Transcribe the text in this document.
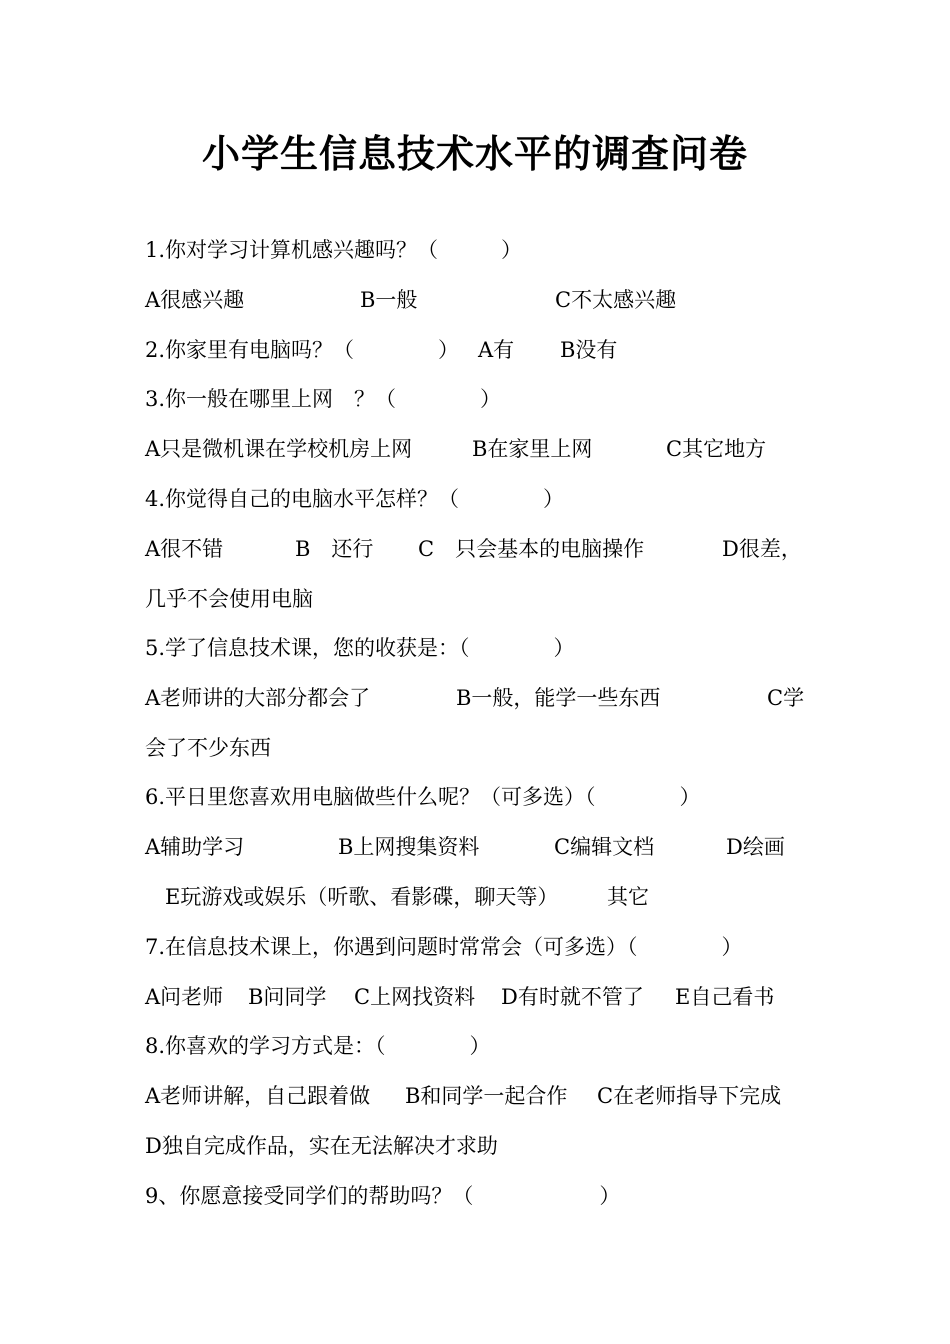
小学生信息技术水平的调查问卷
1.你对学习计算机感兴趣吗？（　　　）

A很感兴趣

	B一般

	C不太感兴趣

2.你家里有电脑吗？（　　　　）

A有

B没有

3.你一般在哪里上网　？（　　　　）

A只是微机课在学校机房上网

	B在家里上网

	C其它地方

4.你觉得自己的电脑水平怎样？（　　　　）

A很不错

	B　还行

C　只会基本的电脑操作

	D很差，

几乎不会使用电脑
5.学了信息技术课，您的收获是：（　　　　）

A老师讲的大部分都会了

	B一般，能学一些东西

	C学

会了不少东西
6.平日里您喜欢用电脑做些什么呢？（可多选）（　　　　）

A辅助学习

	B上网搜集资料

	C编辑文档

	D绘画

E玩游戏或娱乐（听歌、看影碟，聊天等）

其它

7.在信息技术课上，你遇到问题时常常会（可多选）（　　　　）

A问老师

B问同学

C上网找资料

D有时就不管了

E自己看书

8.你喜欢的学习方式是：（　　　　）

A老师讲解，自己跟着做

B和同学一起合作

C在老师指导下完成

D独自完成作品，实在无法解决才求助
9、你愿意接受同学们的帮助吗？（　　　　　　）
